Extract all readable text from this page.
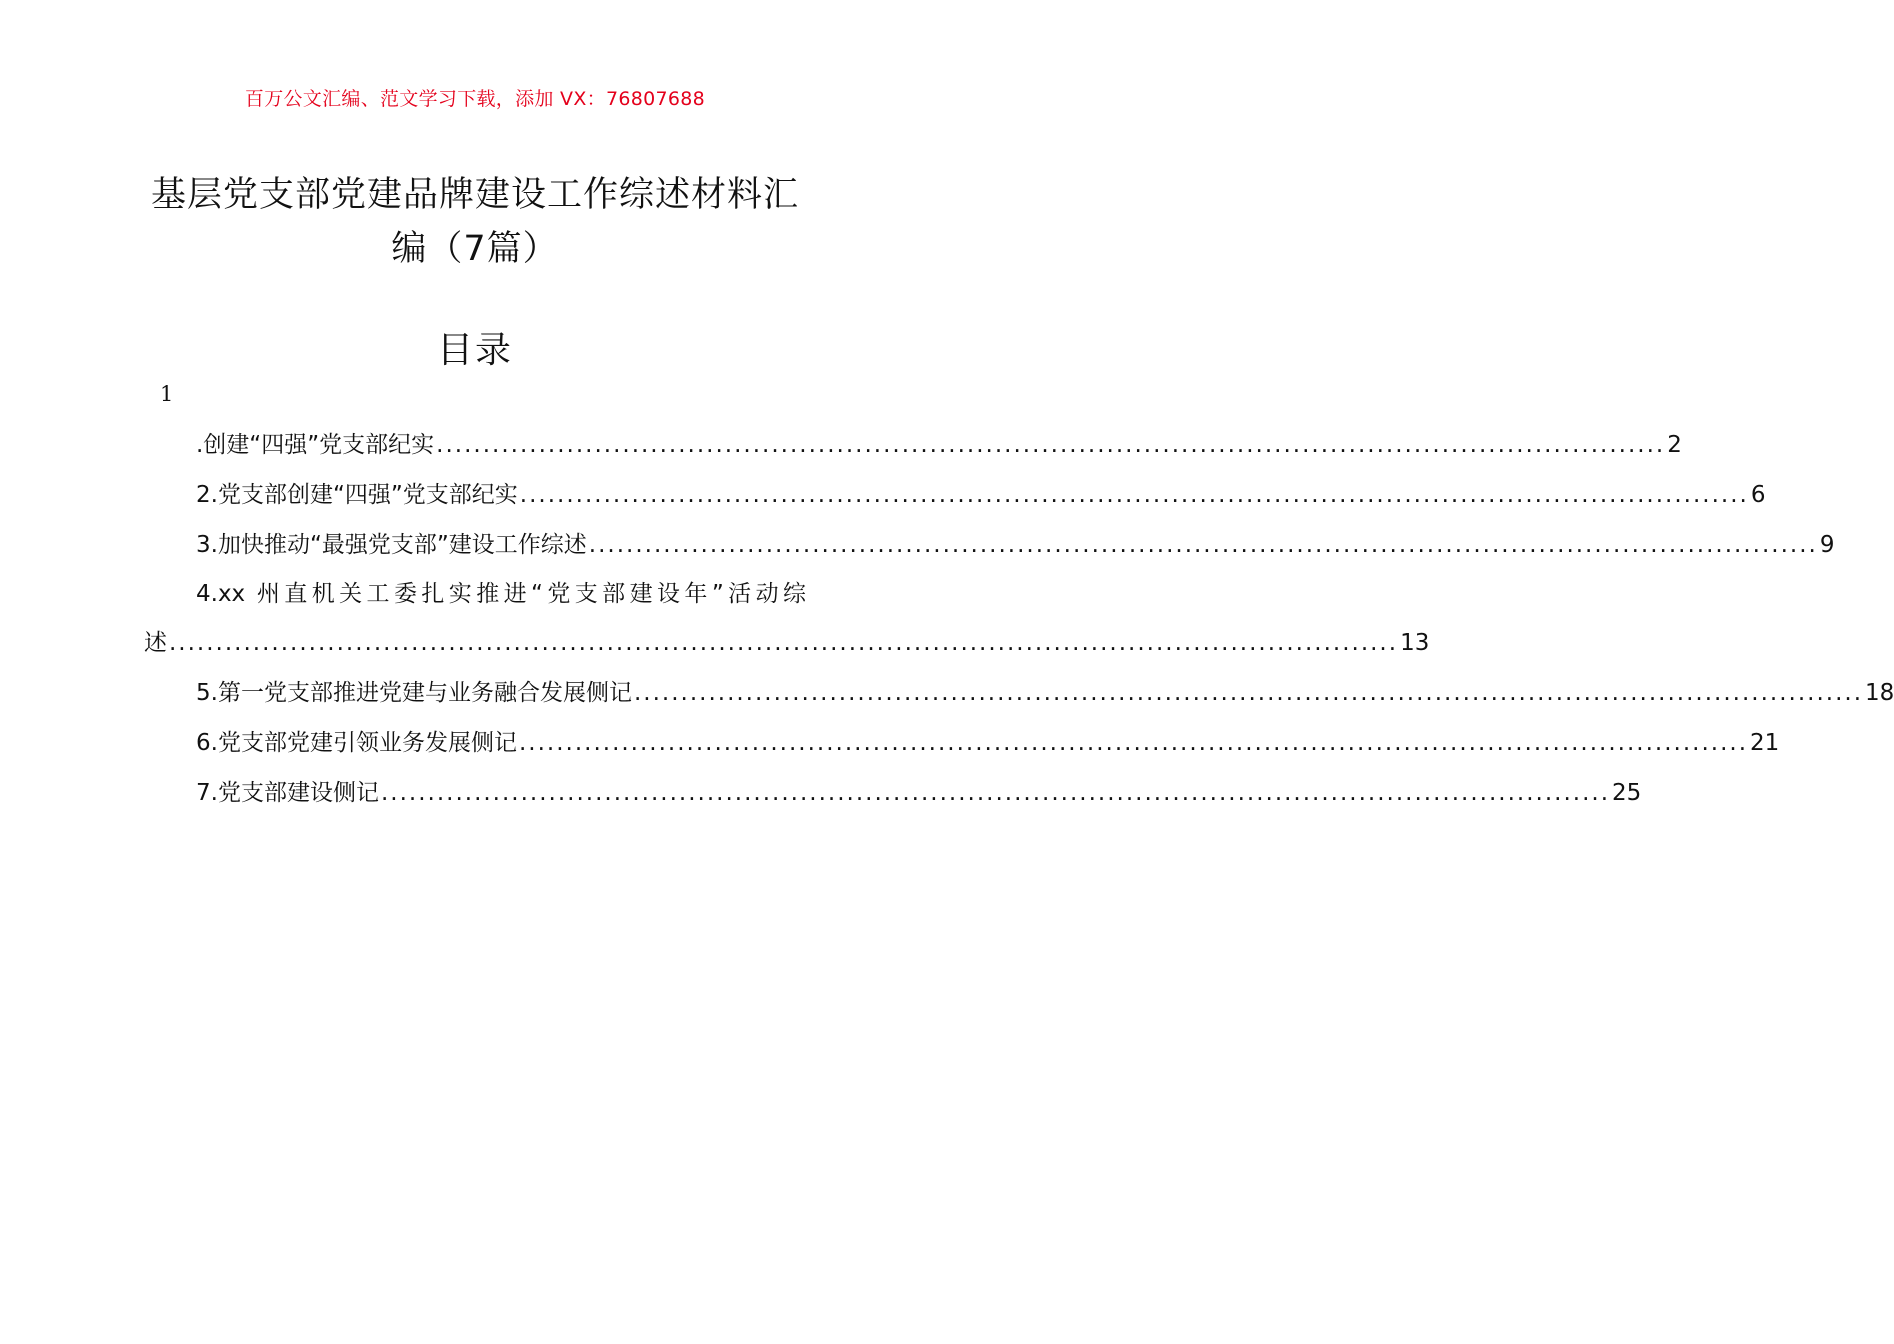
百万公文汇编、范文学习下载，添加 VX：76807688
基层党支部党建品牌建设工作综述材料汇
编（7篇）
目录
1
.创建“四强”党支部纪实 .................................................................................................................................... 2
2.党支部创建“四强”党支部纪实 .................................................................................................................................... 6
3.加快推动“最强党支部”建设工作综述 .................................................................................................................................... 9
4.xx 州直机关工委扎实推进“党支部建设年”活动综
述 .................................................................................................................................... 13
5.第一党支部推进党建与业务融合发展侧记 .................................................................................................................................... 18
6.党支部党建引领业务发展侧记 .................................................................................................................................... 21
7.党支部建设侧记 .................................................................................................................................... 25
